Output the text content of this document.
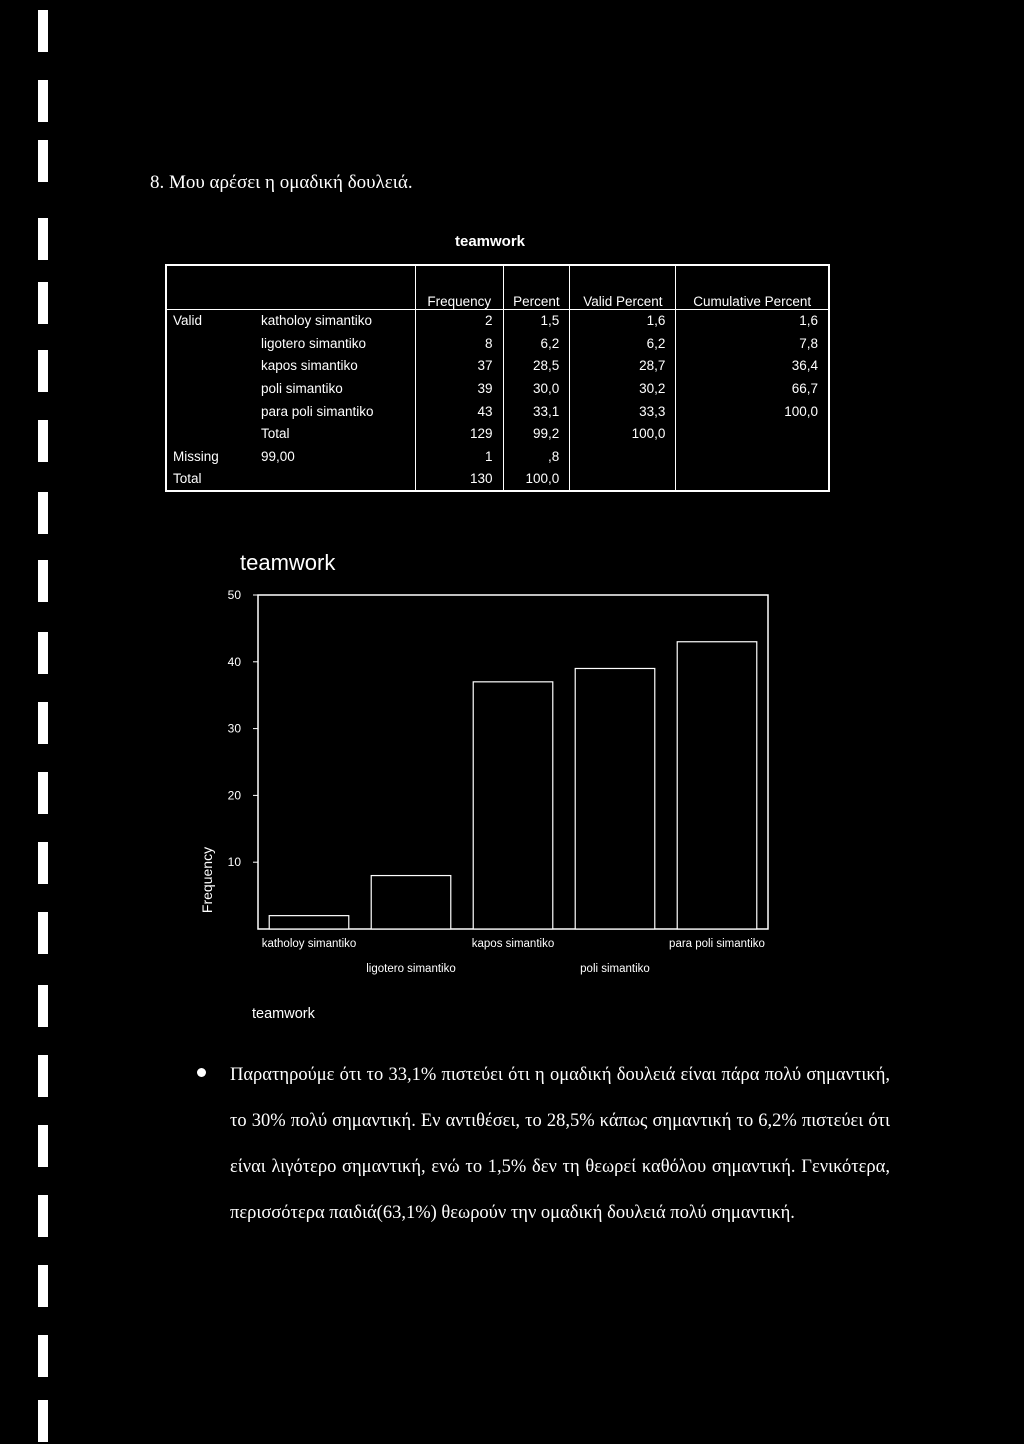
8. Μου αρέσει η ομαδική δουλειά.
teamwork
		Frequency	Percent	Valid Percent	Cumulative Percent
Valid	katholoy simantiko	2	1,5	1,6	1,6
	ligotero simantiko	8	6,2	6,2	7,8
	kapos simantiko	37	28,5	28,7	36,4
	poli simantiko	39	30,0	30,2	66,7
	para poli simantiko	43	33,1	33,3	100,0
	Total	129	99,2	100,0	
Missing	99,00	1	,8		
Total		130	100,0		
teamwork
10
20
30
40
50
Frequency
katholoy simantiko
ligotero simantiko
kapos simantiko
poli simantiko
para poli simantiko
teamwork
Παρατηρούμε ότι το 33,1% πιστεύει ότι η ομαδική δουλειά είναι πάρα πολύ σημαντική, το 30% πολύ σημαντική. Εν αντιθέσει, το 28,5% κάπως σημαντική το 6,2% πιστεύει ότι είναι λιγότερο σημαντική, ενώ το 1,5% δεν τη θεωρεί καθόλου σημαντική. Γενικότερα, περισσότερα παιδιά(63,1%) θεωρούν την ομαδική δουλειά πολύ σημαντική.
